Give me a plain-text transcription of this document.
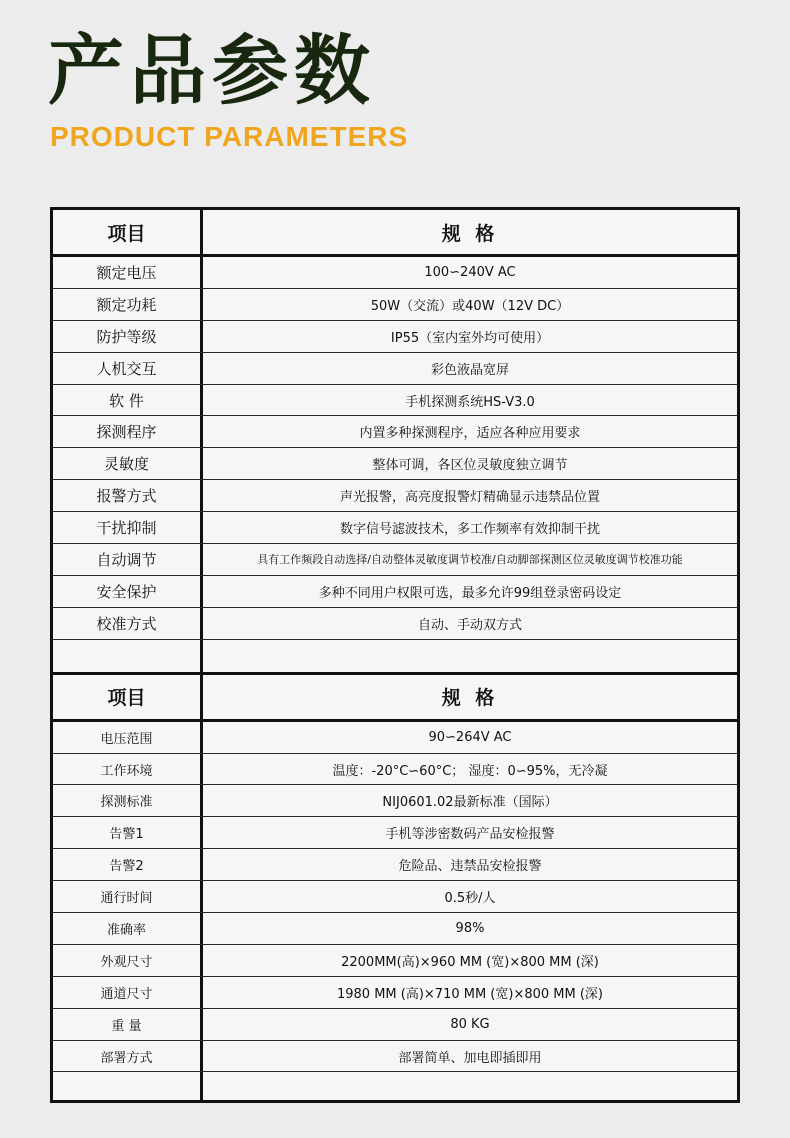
产品参数
PRODUCT PARAMETERS
项目	规 格
额定电压	100∽240V AC
额定功耗	50W（交流）或40W（12V DC）
防护等级	IP55（室内室外均可使用）
人机交互	彩色液晶宽屏
软 件	手机探测系统HS-V3.0
探测程序	内置多种探测程序，适应各种应用要求
灵敏度	整体可调，各区位灵敏度独立调节
报警方式	声光报警，高亮度报警灯精确显示违禁品位置
干扰抑制	数字信号滤波技术，多工作频率有效抑制干扰
自动调节	具有工作频段自动选择/自动整体灵敏度调节校准/自动脚部探测区位灵敏度调节校准功能
安全保护	多种不同用户权限可选，最多允许99组登录密码设定
校准方式	自动、手动双方式
项目	规 格
电压范围	90∽264V AC
工作环境	温度：-20°C∽60°C； 湿度：0∽95%，无冷凝
探测标准	NIJ0601.02最新标准（国际）
告警1	手机等涉密数码产品安检报警
告警2	危险品、违禁品安检报警
通行时间	0.5秒/人
准确率	98%
外观尺寸	2200MM(高)×960 MM (宽)×800 MM (深)
通道尺寸	1980 MM (高)×710 MM (宽)×800 MM (深)
重 量	80 KG
部署方式	部署简单、加电即插即用
